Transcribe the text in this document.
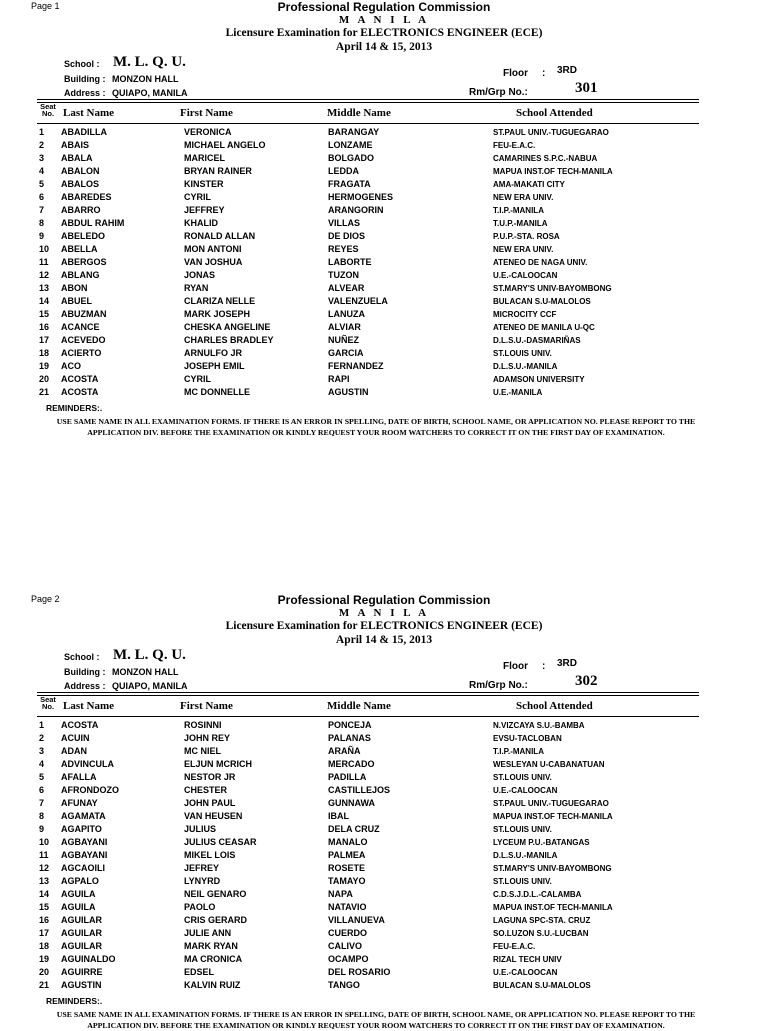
Page 1	Professional Regulation Commission
M A N I L A
Licensure Examination for ELECTRONICS ENGINEER (ECE)
April 14 & 15, 2013
School : M. L. Q. U.
Building : MONZON HALL
Address : QUIAPO, MANILA
Floor : 3RD
Rm/Grp No.:	301
Seat
No. Last Name	First Name	Middle Name	School Attended
1 ABADILLA	VERONICA	BARANGAY	ST.PAUL UNIV.-TUGUEGARAO
2 ABAIS	MICHAEL ANGELO	LONZAME	FEU-E.A.C.
3 ABALA	MARICEL	BOLGADO	CAMARINES S.P.C.-NABUA
4 ABALON	BRYAN RAINER	LEDDA	MAPUA INST.OF TECH-MANILA
5 ABALOS	KINSTER	FRAGATA	AMA-MAKATI CITY
6 ABAREDES	CYRIL	HERMOGENES	NEW ERA UNIV.
7 ABARRO	JEFFREY	ARANGORIN	T.I.P.-MANILA
8 ABDUL RAHIM	KHALID	VILLAS	T.U.P.-MANILA
9 ABELEDO	RONALD ALLAN	DE DIOS	P.U.P.-STA. ROSA
10 ABELLA	MON ANTONI	REYES	NEW ERA UNIV.
11 ABERGOS	VAN JOSHUA	LABORTE	ATENEO DE NAGA UNIV.
12 ABLANG	JONAS	TUZON	U.E.-CALOOCAN
13 ABON	RYAN	ALVEAR	ST.MARY'S UNIV-BAYOMBONG
14 ABUEL	CLARIZA NELLE	VALENZUELA	BULACAN S.U-MALOLOS
15 ABUZMAN	MARK JOSEPH	LANUZA	MICROCITY CCF
16 ACANCE	CHESKA ANGELINE	ALVIAR	ATENEO DE MANILA U-QC
17 ACEVEDO	CHARLES BRADLEY	NUÑEZ	D.L.S.U.-DASMARIÑAS
18 ACIERTO	ARNULFO JR	GARCIA	ST.LOUIS UNIV.
19 ACO	JOSEPH EMIL	FERNANDEZ	D.L.S.U.-MANILA
20 ACOSTA	CYRIL	RAPI	ADAMSON UNIVERSITY
21 ACOSTA	MC DONNELLE	AGUSTIN	U.E.-MANILA
REMINDERS:.
USE SAME NAME IN ALL EXAMINATION FORMS. IF THERE IS AN ERROR IN SPELLING, DATE OF BIRTH, SCHOOL NAME, OR APPLICATION NO. PLEASE REPORT TO THE APPLICATION DIV. BEFORE THE EXAMINATION OR KINDLY REQUEST YOUR ROOM WATCHERS TO CORRECT IT ON THE FIRST DAY OF EXAMINATION.
Page 2	Professional Regulation Commission
M A N I L A
Licensure Examination for ELECTRONICS ENGINEER (ECE)
April 14 & 15, 2013
School : M. L. Q. U.
Building : MONZON HALL
Address : QUIAPO, MANILA
Floor : 3RD
Rm/Grp No.:	302
Seat
No. Last Name	First Name	Middle Name	School Attended
1 ACOSTA	ROSINNI	PONCEJA	N.VIZCAYA S.U.-BAMBA
2 ACUIN	JOHN REY	PALANAS	EVSU-TACLOBAN
3 ADAN	MC NIEL	ARAÑA	T.I.P.-MANILA
4 ADVINCULA	ELJUN MCRICH	MERCADO	WESLEYAN U-CABANATUAN
5 AFALLA	NESTOR JR	PADILLA	ST.LOUIS UNIV.
6 AFRONDOZO	CHESTER	CASTILLEJOS	U.E.-CALOOCAN
7 AFUNAY	JOHN PAUL	GUNNAWA	ST.PAUL UNIV.-TUGUEGARAO
8 AGAMATA	VAN HEUSEN	IBAL	MAPUA INST.OF TECH-MANILA
9 AGAPITO	JULIUS	DELA CRUZ	ST.LOUIS UNIV.
10 AGBAYANI	JULIUS CEASAR	MANALO	LYCEUM P.U.-BATANGAS
11 AGBAYANI	MIKEL LOIS	PALMEA	D.L.S.U.-MANILA
12 AGCAOILI	JEFREY	ROSETE	ST.MARY'S UNIV-BAYOMBONG
13 AGPALO	LYNYRD	TAMAYO	ST.LOUIS UNIV.
14 AGUILA	NEIL GENARO	NAPA	C.D.S.J.D.L.-CALAMBA
15 AGUILA	PAOLO	NATAVIO	MAPUA INST.OF TECH-MANILA
16 AGUILAR	CRIS GERARD	VILLANUEVA	LAGUNA SPC-STA. CRUZ
17 AGUILAR	JULIE ANN	CUERDO	SO.LUZON S.U.-LUCBAN
18 AGUILAR	MARK RYAN	CALIVO	FEU-E.A.C.
19 AGUINALDO	MA CRONICA	OCAMPO	RIZAL TECH UNIV
20 AGUIRRE	EDSEL	DEL ROSARIO	U.E.-CALOOCAN
21 AGUSTIN	KALVIN RUIZ	TANGO	BULACAN S.U-MALOLOS
REMINDERS:.
USE SAME NAME IN ALL EXAMINATION FORMS. IF THERE IS AN ERROR IN SPELLING, DATE OF BIRTH, SCHOOL NAME, OR APPLICATION NO. PLEASE REPORT TO THE APPLICATION DIV. BEFORE THE EXAMINATION OR KINDLY REQUEST YOUR ROOM WATCHERS TO CORRECT IT ON THE FIRST DAY OF EXAMINATION.
